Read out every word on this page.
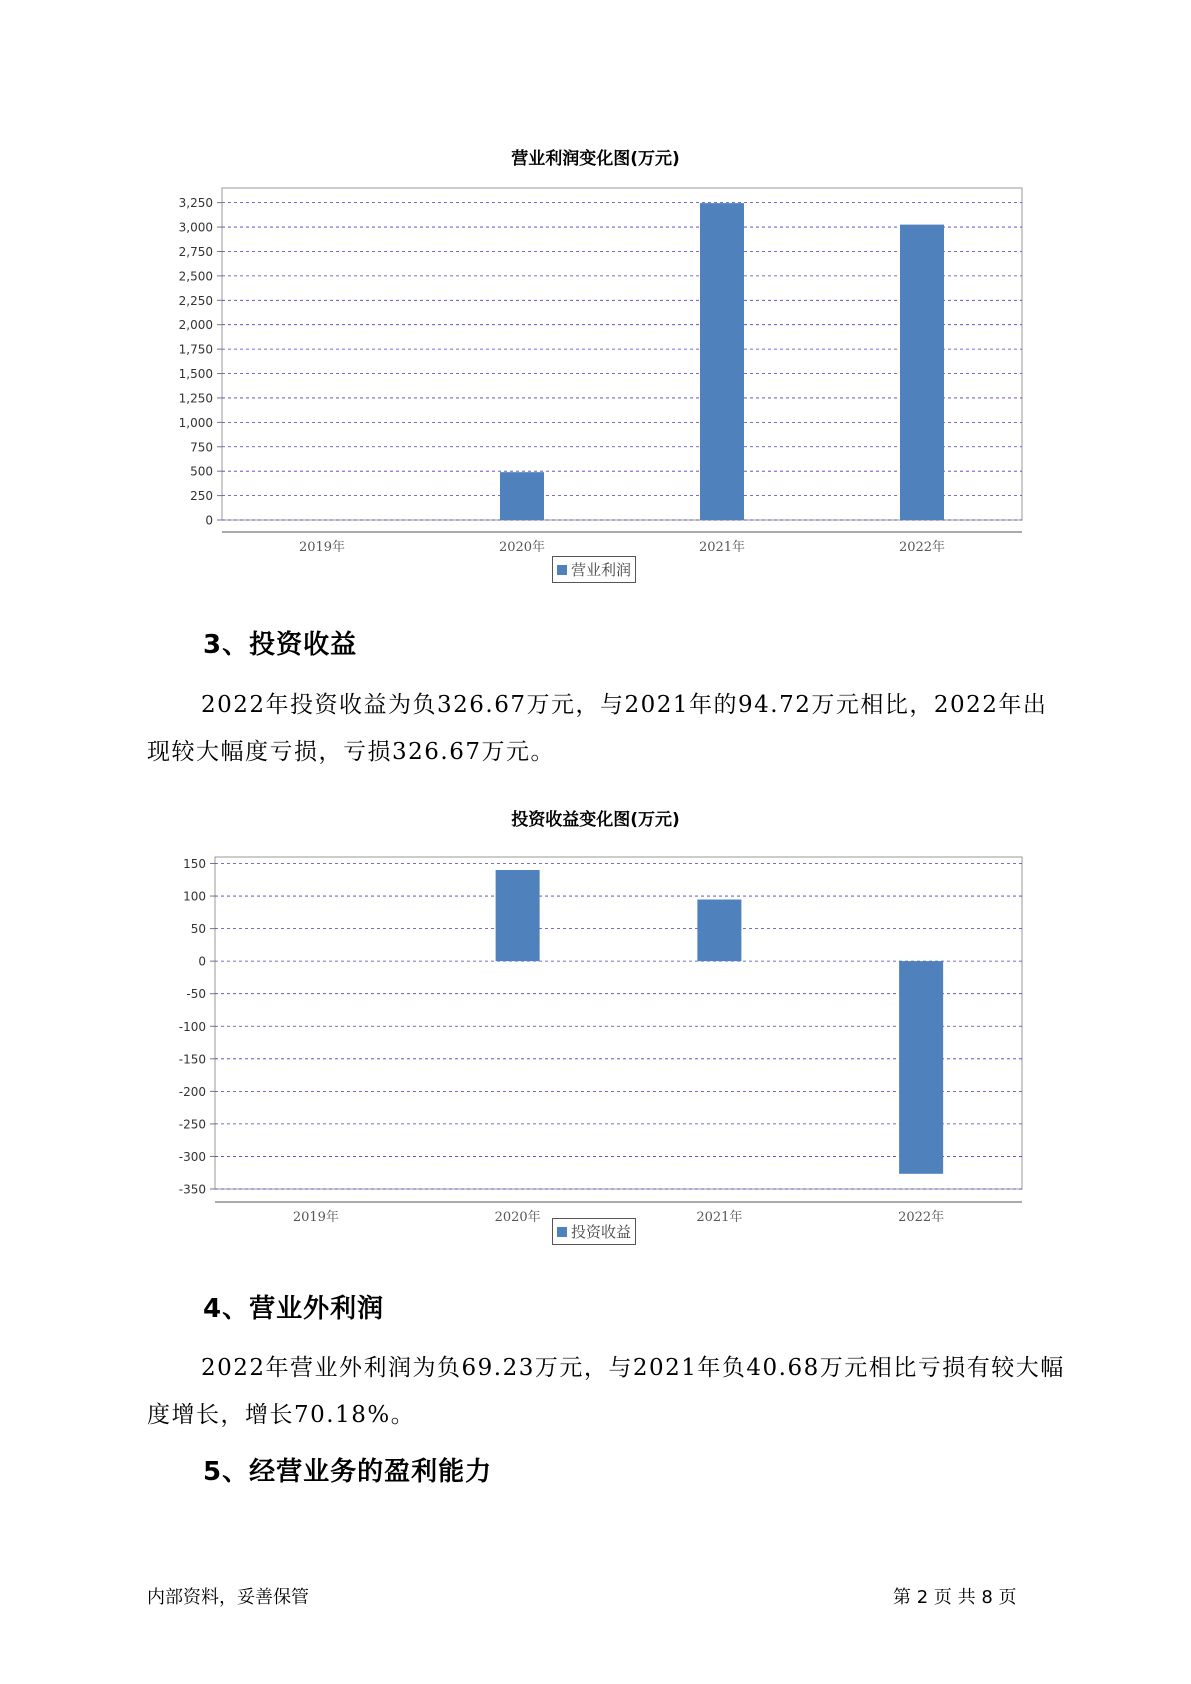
营业利润变化图(万元)
0
250
500
750
1,000
1,250
1,500
1,750
2,000
2,250
2,500
2,750
3,000
3,250
2019年	2020年	2021年	2022年
营业利润
3、投资收益

2022年投资收益为负326.67万元，与2021年的94.72万元相比，2022年出现较大幅度亏损，亏损326.67万元。

投资收益变化图(万元)
150
100
50
0
-50
-100
-150
-200
-250
-300
-350
2019年	2020年	2021年	2022年
投资收益
4、营业外利润

2022年营业外利润为负69.23万元，与2021年负40.68万元相比亏损有较大幅度增长，增长70.18%。

5、经营业务的盈利能力
内部资料，妥善保管	第 2 页 共 8 页
